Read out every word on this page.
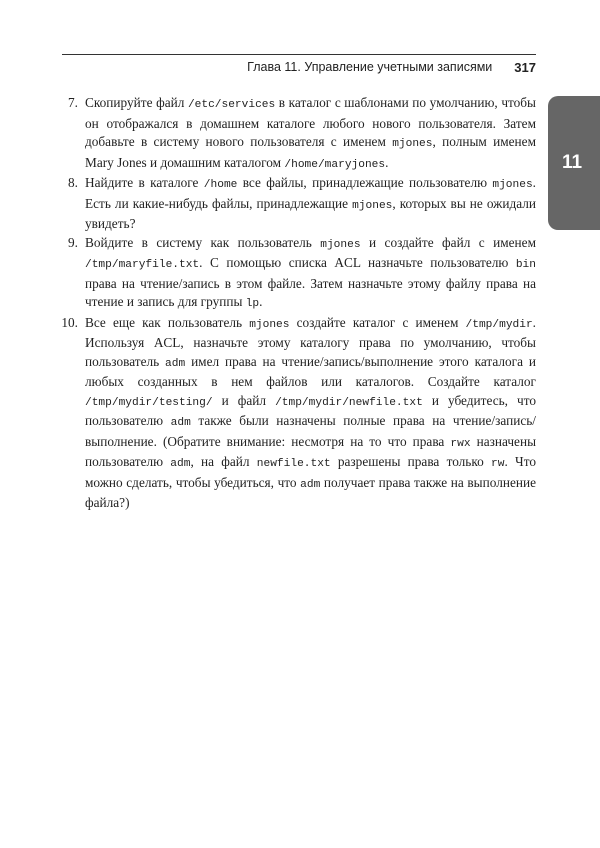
Глава 11. Управление учетными записями 317
11
7. Скопируйте файл /etc/services в каталог с шаблонами по умолчанию, чтобы он отображался в домашнем каталоге любого нового пользователя. Затем добавьте в систему нового пользователя с именем mjones, полным именем Mary Jones и домашним каталогом /home/maryjones.
8. Найдите в каталоге /home все файлы, принадлежащие пользователю mjones. Есть ли какие-нибудь файлы, принадлежащие mjones, которых вы не ожидали увидеть?
9. Войдите в систему как пользователь mjones и создайте файл с именем /tmp/maryfile.txt. С помощью списка ACL назначьте пользователю bin права на чтение/запись в этом файле. Затем назначьте этому файлу права на чтение и запись для группы lp.
10. Все еще как пользователь mjones создайте каталог с именем /tmp/mydir. Используя ACL, назначьте этому каталогу права по умолчанию, чтобы пользователь adm имел права на чтение/запись/выполнение этого каталога и любых созданных в нем файлов или каталогов. Создайте каталог /tmp/mydir/testing/ и файл /tmp/mydir/newfile.txt и убедитесь, что пользователю adm также были назначены полные права на чтение/запись/выполнение. (Обратите внимание: несмотря на то что права rwx назначены пользователю adm, на файл newfile.txt разрешены права только rw. Что можно сделать, чтобы убедиться, что adm получает права также на выполнение файла?)
